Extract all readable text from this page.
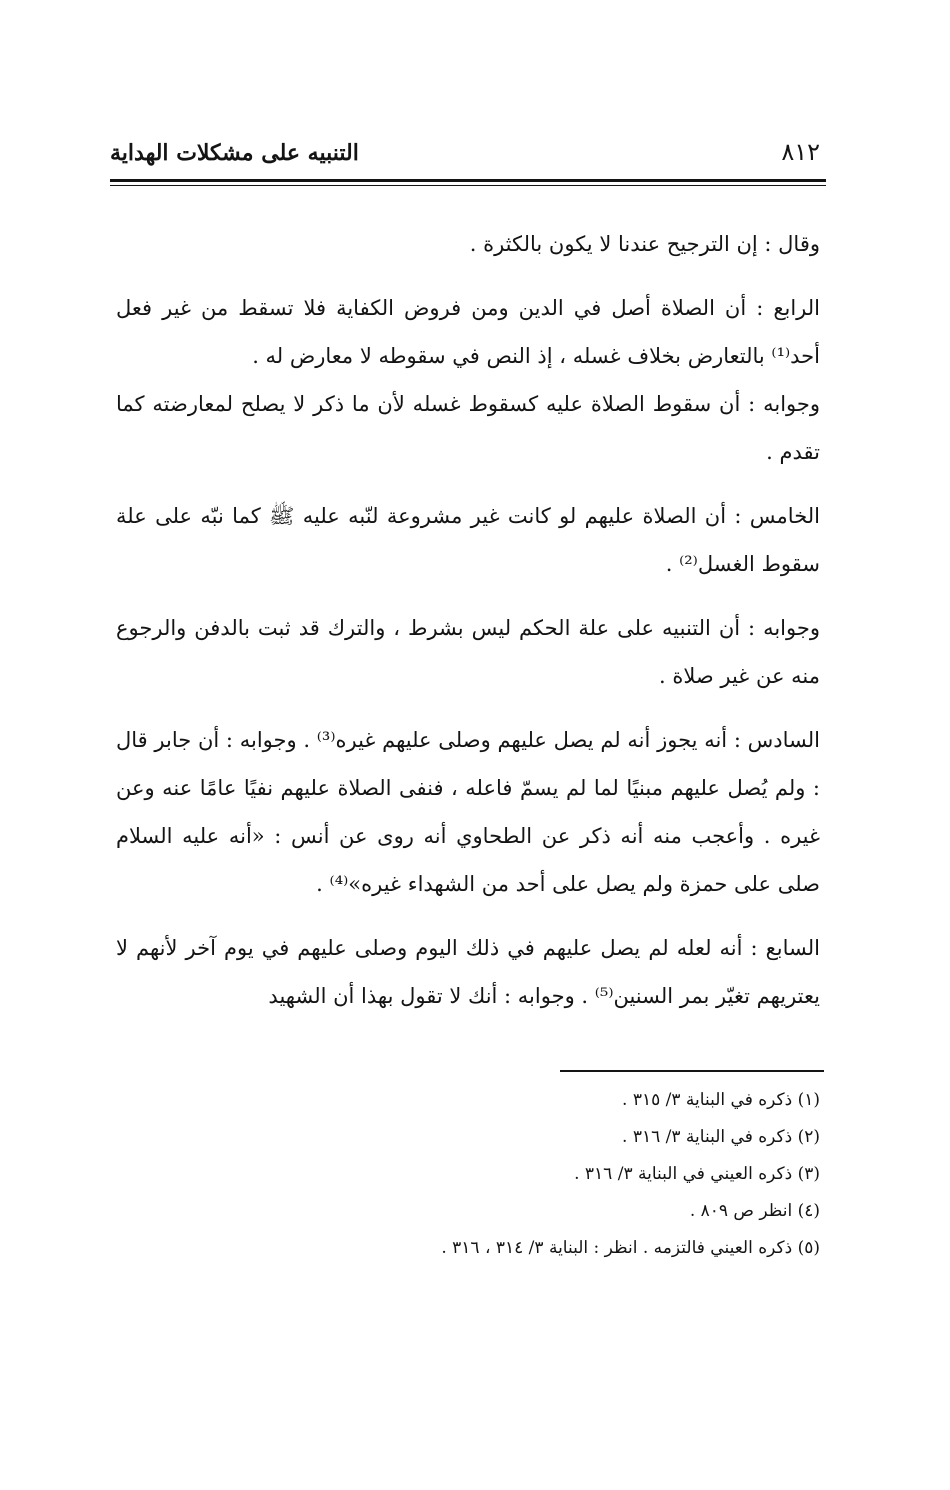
٨١٢
التنبيه على مشكلات الهداية

وقال : إن الترجيح عندنا لا يكون بالكثرة .

الرابع : أن الصلاة أصل في الدين ومن فروض الكفاية فلا تسقط من غير فعل أحد⁽¹⁾ بالتعارض بخلاف غسله ، إذ النص في سقوطه لا معارض له .

وجوابه : أن سقوط الصلاة عليه كسقوط غسله لأن ما ذكر لا يصلح لمعارضته كما تقدم .

الخامس : أن الصلاة عليهم لو كانت غير مشروعة لنّبه عليه ﷺ كما نبّه على علة سقوط الغسل⁽²⁾ .

وجوابه : أن التنبيه على علة الحكم ليس بشرط ، والترك قد ثبت بالدفن والرجوع منه عن غير صلاة .

السادس : أنه يجوز أنه لم يصل عليهم وصلى عليهم غيره⁽³⁾ . وجوابه : أن جابر قال : ولم يُصل عليهم مبنيًا لما لم يسمّ فاعله ، فنفى الصلاة عليهم نفيًا عامًا عنه وعن غيره . وأعجب منه أنه ذكر عن الطحاوي أنه روى عن أنس : «أنه عليه السلام صلى على حمزة ولم يصل على أحد من الشهداء غيره»⁽⁴⁾ .

السابع : أنه لعله لم يصل عليهم في ذلك اليوم وصلى عليهم في يوم آخر لأنهم لا يعتريهم تغيّر بمر السنين⁽⁵⁾ . وجوابه : أنك لا تقول بهذا أن الشهيد

(١) ذكره في البناية ٣/ ٣١٥ .
(٢) ذكره في البناية ٣/ ٣١٦ .
(٣) ذكره العيني في البناية ٣/ ٣١٦ .
(٤) انظر ص ٨٠٩ .
(٥) ذكره العيني فالتزمه . انظر : البناية ٣/ ٣١٤ ، ٣١٦ .
